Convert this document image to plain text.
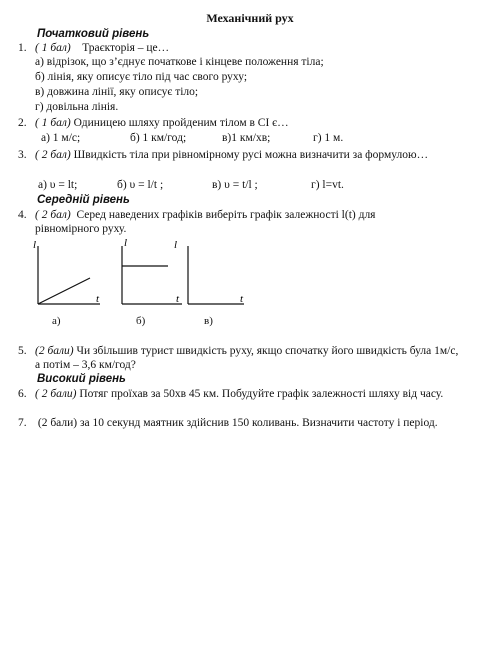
Механічний рух
Початковий рівень
1. ( 1 бал) Траєкторія – це…
а) відрізок, що з’єднує початкове і кінцеве положення тіла;
б) лінія, яку описує тіло під час свого руху;
в) довжина лінії, яку описує тіло;
г) довільна лінія.
2. ( 1 бал) Одиницею шляху пройденим тілом в СІ є…
а) 1 м/с;	б) 1 км/год;	в)1 км/хв;	г) 1 м.
3. ( 2 бал) Швидкість тіла при рівномірному русі можна визначити за формулою…
а) υ = lt;	б) υ = l/t ;	в) υ = t/l ;	г) l=vt.
Середній рівень
4. ( 2 бал) Серед наведених графіків виберіть графік залежності l(t) для рівномірного руху.
l
t
l
t
l
t
а)	б)	в)
5. (2 бали) Чи збільшив турист швидкість руху, якщо спочатку його швидкість була 1м/с, а потім – 3,6 км/год?
Високий рівень
6. ( 2 бали) Потяг проїхав за 50хв 45 км. Побудуйте графік залежності шляху від часу.
7. (2 бали) за 10 секунд маятник здійснив 150 коливань. Визначити частоту і період.
